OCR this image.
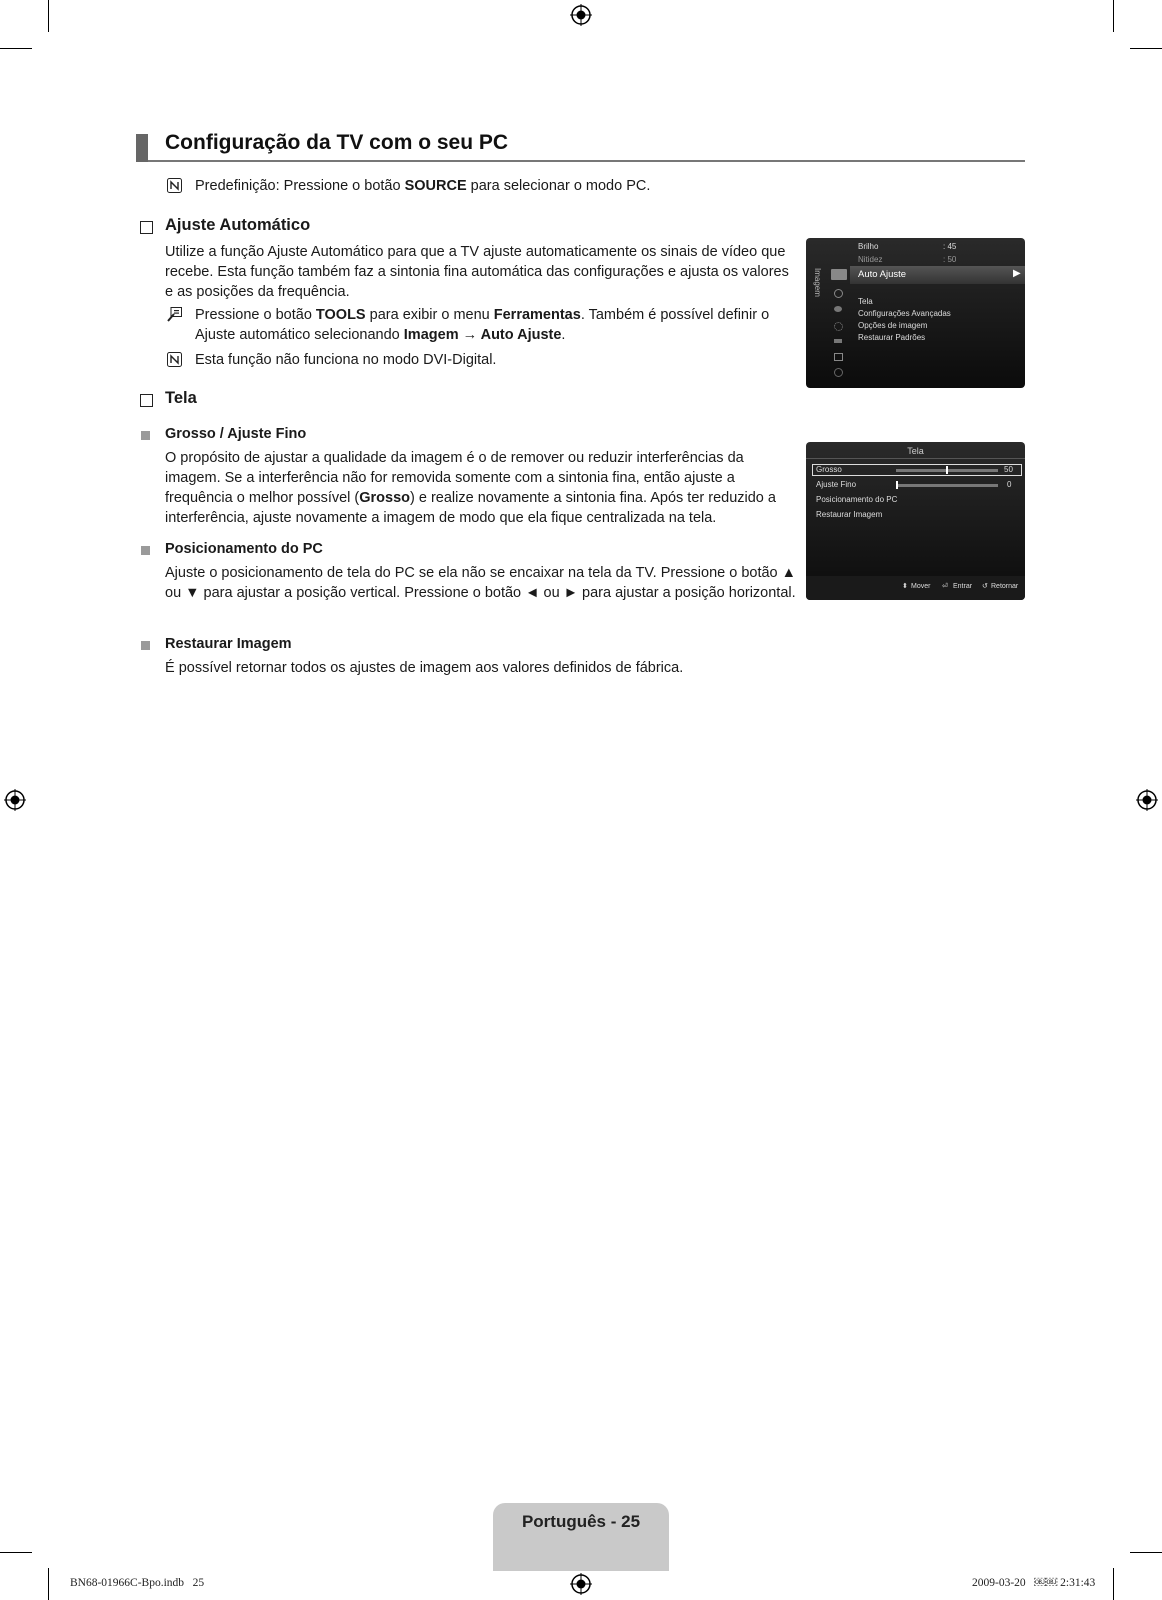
Configuração da TV com o seu PC
Predefinição: Pressione o botão SOURCE para selecionar o modo PC.
Ajuste Automático
Utilize a função Ajuste Automático para que a TV ajuste automaticamente os sinais de vídeo que recebe. Esta função também faz a sintonia fina automática das configurações e ajusta os valores e as posições da frequência.
Pressione o botão TOOLS para exibir o menu Ferramentas. Também é possível definir o Ajuste automático selecionando Imagem → Auto Ajuste.
Esta função não funciona no modo DVI-Digital.
Tela
Grosso / Ajuste Fino
O propósito de ajustar a qualidade da imagem é o de remover ou reduzir interferências da imagem. Se a interferência não for removida somente com a sintonia fina, então ajuste a frequência o melhor possível (Grosso) e realize novamente a sintonia fina. Após ter reduzido a interferência, ajuste novamente a imagem de modo que ela fique centralizada na tela.
Posicionamento do PC
Ajuste o posicionamento de tela do PC se ela não se encaixar na tela da TV. Pressione o botão ▲ ou ▼ para ajustar a posição vertical. Pressione o botão ◄ ou ► para ajustar a posição horizontal.
Restaurar Imagem
É possível retornar todos os ajustes de imagem aos valores definidos de fábrica.
Imagem
Brilho	: 45
Nitidez	: 50
Auto Ajuste	▶
Tela
Configurações Avançadas
Opções de imagem
Restaurar Padrões
Tela
Grosso	50
Ajuste Fino	0
Posicionamento do PC
Restaurar Imagem
⬍ Mover ⏎ Entrar ↺ Retornar
Português - 25
BN68-01966C-Bpo.indb   25	2009-03-20   ￼￼ 2:31:43
